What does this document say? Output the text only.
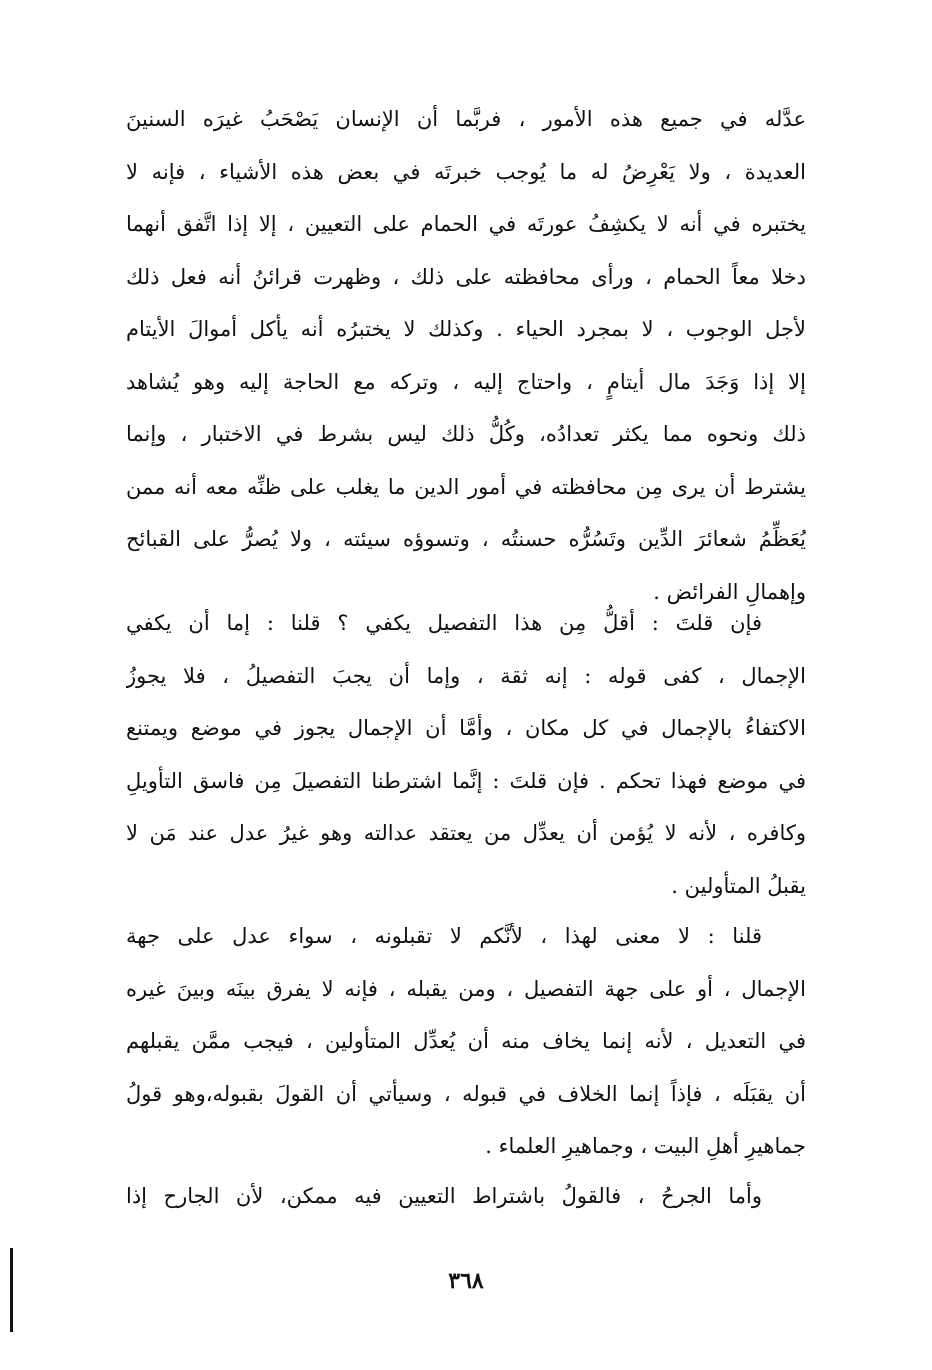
عدَّله في جميع هذه الأمور ، فربَّما أن الإنسان يَصْحَبُ غيرَه السنينَ
العديدة ، ولا يَعْرِضُ له ما يُوجب خبرتَه في بعض هذه الأشياء ، فإنه لا
يختبره في أنه لا يكشِفُ عورتَه في الحمام على التعيين ، إلا إذا اتَّفق أنهما
دخلا معاً الحمام ، ورأى محافظته على ذلك ، وظهرت قرائنُ أنه فعل ذلك
لأجل الوجوب ، لا بمجرد الحياء . وكذلك لا يختبرُه أنه يأكل أموالَ الأيتام
إلا إذا وَجَدَ مال أيتامٍ ، واحتاج إليه ، وتركه مع الحاجة إليه وهو يُشاهد
ذلك ونحوه مما يكثر تعدادُه، وكُلُّ ذلك ليس بشرط في الاختبار ، وإنما
يشترط أن يرى مِن محافظته في أمور الدين ما يغلب على ظنِّه معه أنه ممن
يُعَظِّمُ شعائرَ الدِّين وتَسُرُّه حسنتُه ، وتسوؤه سيئته ، ولا يُصرُّ على القبائح
وإهمالِ الفرائض .
فإن قلتَ : أقلُّ مِن هذا التفصيل يكفي ؟ قلنا : إما أن يكفي
الإجمال ، كفى قوله : إنه ثقة ، وإما أن يجبَ التفصيلُ ، فلا يجوزُ
الاكتفاءُ بالإجمال في كل مكان ، وأمَّا أن الإجمال يجوز في موضع ويمتنع
في موضع فهذا تحكم . فإن قلتَ : إنَّما اشترطنا التفصيلَ مِن فاسق التأويلِ
وكافره ، لأنه لا يُؤمن أن يعدِّل من يعتقد عدالته وهو غيرُ عدل عند مَن لا
يقبلُ المتأولين .
قلنا : لا معنى لهذا ، لأنَّكم لا تقبلونه ، سواء عدل على جهة
الإجمال ، أو على جهة التفصيل ، ومن يقبله ، فإنه لا يفرق بينَه وبينَ غيره
في التعديل ، لأنه إنما يخاف منه أن يُعدِّل المتأولين ، فيجب ممَّن يقبلهم
أن يقبَلَه ، فإذاً إنما الخلاف في قبوله ، وسيأتي أن القولَ بقبوله،وهو قولُ
جماهيرِ أهلِ البيت ، وجماهيرِ العلماء .
وأما الجرحُ ، فالقولُ باشتراط التعيين فيه ممكن، لأن الجارح إذا
٣٦٨
